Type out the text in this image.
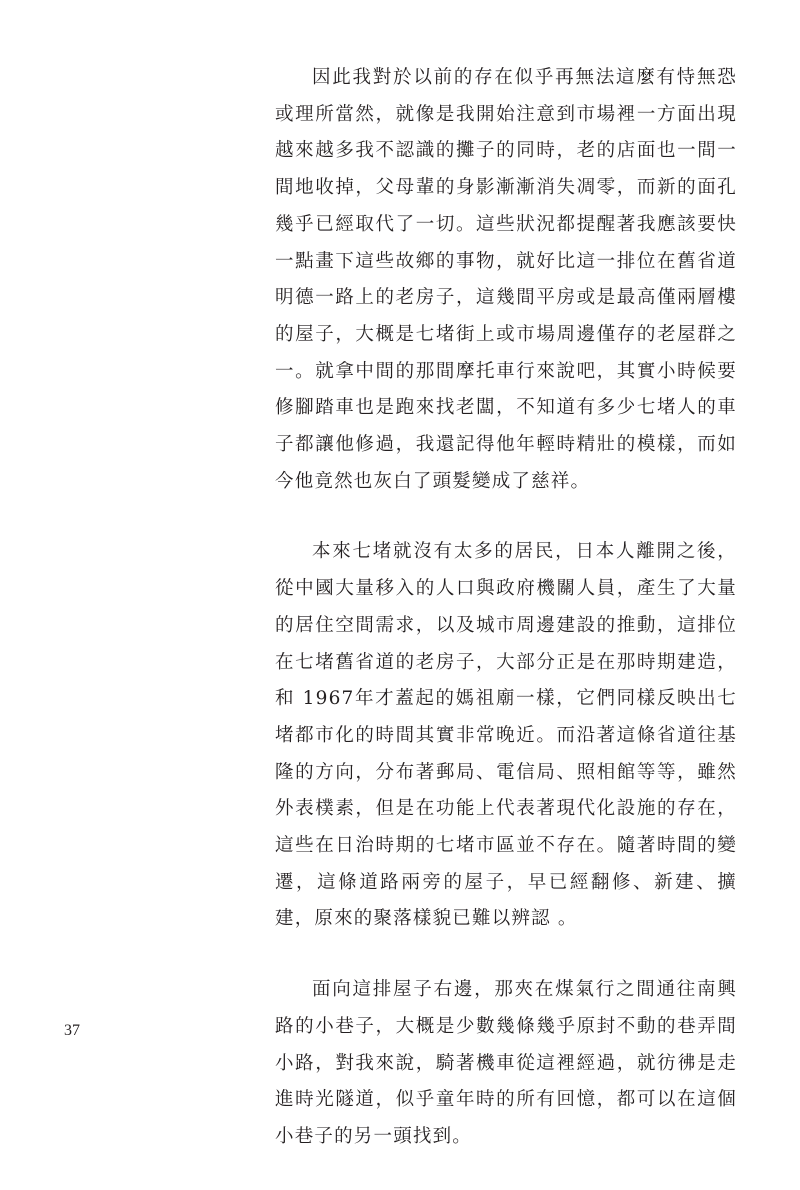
因此我對於以前的存在似乎再無法這麼有恃無恐或理所當然，就像是我開始注意到市場裡一方面出現越來越多我不認識的攤子的同時，老的店面也一間一間地收掉，父母輩的身影漸漸消失凋零，而新的面孔幾乎已經取代了一切。這些狀況都提醒著我應該要快一點畫下這些故鄉的事物，就好比這一排位在舊省道明德一路上的老房子，這幾間平房或是最高僅兩層樓的屋子，大概是七堵街上或市場周邊僅存的老屋群之一。就拿中間的那間摩托車行來說吧，其實小時候要修腳踏車也是跑來找老闆，不知道有多少七堵人的車子都讓他修過，我還記得他年輕時精壯的模樣，而如今他竟然也灰白了頭髮變成了慈祥。

本來七堵就沒有太多的居民，日本人離開之後，從中國大量移入的人口與政府機關人員，產生了大量的居住空間需求，以及城市周邊建設的推動，這排位在七堵舊省道的老房子，大部分正是在那時期建造，和 1967年才蓋起的媽祖廟一樣，它們同樣反映出七堵都市化的時間其實非常晚近。而沿著這條省道往基隆的方向，分布著郵局、電信局、照相館等等，雖然外表樸素，但是在功能上代表著現代化設施的存在，這些在日治時期的七堵市區並不存在。隨著時間的變遷，這條道路兩旁的屋子，早已經翻修、新建、擴建，原來的聚落樣貌已難以辨認 。

面向這排屋子右邊，那夾在煤氣行之間通往南興路的小巷子，大概是少數幾條幾乎原封不動的巷弄間小路，對我來說，騎著機車從這裡經過，就彷彿是走進時光隧道，似乎童年時的所有回憶，都可以在這個小巷子的另一頭找到。

37
